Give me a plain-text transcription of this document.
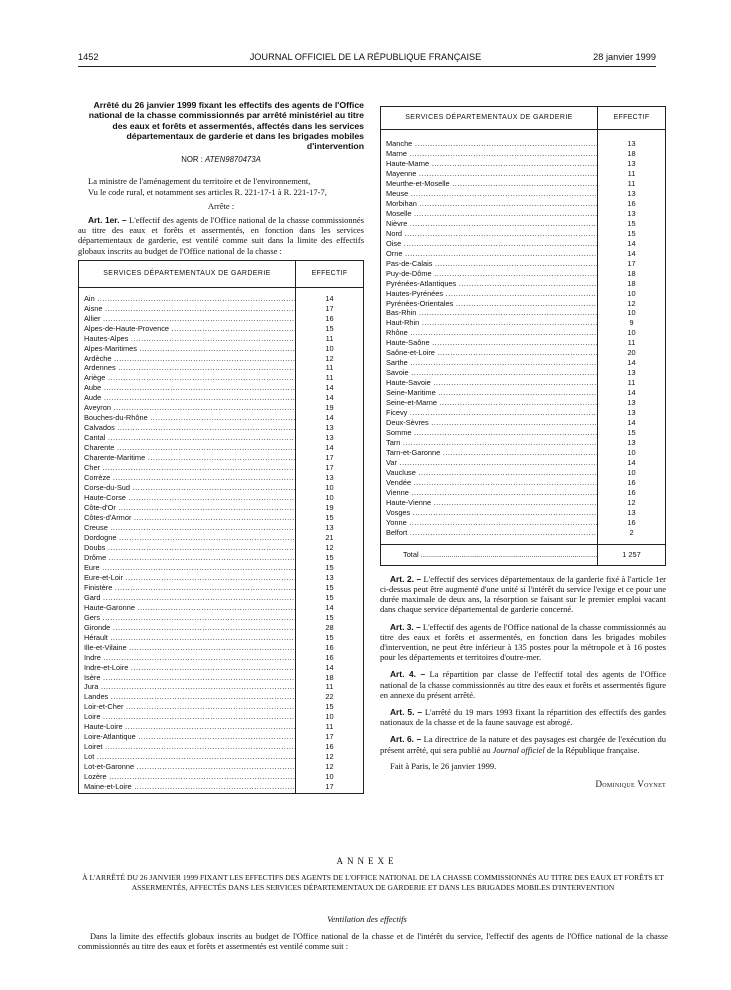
1452	JOURNAL OFFICIEL DE LA RÉPUBLIQUE FRANÇAISE	28 janvier 1999
Arrêté du 26 janvier 1999 fixant les effectifs des agents de l'Office national de la chasse commissionnés par arrêté ministériel au titre des eaux et forêts et assermentés, affectés dans les services départementaux de garderie et dans les brigades mobiles d'intervention
NOR : ATEN9870473A

La ministre de l'aménagement du territoire et de l'environnement,

Vu le code rural, et notamment ses articles R. 221-17-1 à R. 221-17-7,

Arrête :

Art. 1er. – L'effectif des agents de l'Office national de la chasse commissionnés au titre des eaux et forêts et assermentés, en fonction dans les services départementaux de garderie, est ventilé comme suit dans la limite des effectifs globaux inscrits au budget de l'Office national de la chasse :

SERVICES DÉPARTEMENTAUX DE GARDERIE	EFFECTIF
Ain .....	14
Aisne .....	17
Allier .....	16
Alpes-de-Haute-Provence .....	15
Hautes-Alpes .....	11
Alpes-Maritimes .....	10
Ardèche .....	12
Ardennes .....	11
Ariège .....	11
Aube .....	14
Aude .....	14
Aveyron .....	19
Bouches-du-Rhône .....	14
Calvados .....	13
Cantal .....	13
Charente .....	14
Charente-Maritime .....	17
Cher .....	17
Corrèze .....	13
Corse-du-Sud .....	10
Haute-Corse .....	10
Côte-d'Or .....	19
Côtes-d'Armor .....	15
Creuse .....	13
Dordogne .....	21
Doubs .....	12
Drôme .....	15
Eure .....	15
Eure-et-Loir .....	13
Finistère .....	15
Gard .....	15
Haute-Garonne .....	14
Gers .....	15
Gironde .....	28
Hérault .....	15
Ille-et-Vilaine .....	16
Indre .....	16
Indre-et-Loire .....	14
Isère .....	18
Jura .....	11
Landes .....	22
Loir-et-Cher .....	15
Loire .....	10
Haute-Loire .....	11
Loire-Atlantique .....	17
Loiret .....	16
Lot .....	12
Lot-et-Garonne .....	12
Lozère .....	10
Maine-et-Loire .....	17
SERVICES DÉPARTEMENTAUX DE GARDERIE	EFFECTIF
Manche .....	13
Marne .....	18
Haute-Marne .....	13
Mayenne .....	11
Meurthe-et-Moselle .....	11
Meuse .....	13
Morbihan .....	16
Moselle .....	13
Nièvre .....	15
Nord .....	15
Oise .....	14
Orne .....	14
Pas-de-Calais .....	17
Puy-de-Dôme .....	18
Pyrénées-Atlantiques .....	18
Hautes-Pyrénées .....	10
Pyrénées-Orientales .....	12
Bas-Rhin .....	10
Haut-Rhin .....	9
Rhône .....	10
Haute-Saône .....	11
Saône-et-Loire .....	20
Sarthe .....	14
Savoie .....	13
Haute-Savoie .....	11
Seine-Maritime .....	14
Seine-et-Marne .....	13
Ficevy .....	13
Deux-Sèvres .....	14
Somme .....	15
Tarn .....	13
Tarn-et-Garonne .....	10
Var .....	14
Vaucluse .....	10
Vendée .....	16
Vienne .....	16
Haute-Vienne .....	12
Vosges .....	13
Yonne .....	16
Belfort .....	2
Total .....	1 257

Art. 2. – L'effectif des services départementaux de la garderie fixé à l'article 1er ci-dessus peut être augmenté d'une unité si l'intérêt du service l'exige et ce pour une durée maximale de deux ans, la résorption se faisant sur le premier emploi vacant dans chaque service départemental de garderie concerné.

Art. 3. – L'effectif des agents de l'Office national de la chasse commissionnés au titre des eaux et forêts et assermentés, en fonction dans les brigades mobiles d'intervention, ne peut être inférieur à 135 postes pour la métropole et à 16 postes pour les départements et territoires d'outre-mer.

Art. 4. – La répartition par classe de l'effectif total des agents de l'Office national de la chasse commissionnés au titre des eaux et forêts et assermentés figure en annexe du présent arrêté.

Art. 5. – L'arrêté du 19 mars 1993 fixant la répartition des effectifs des gardes nationaux de la chasse et de la faune sauvage est abrogé.

Art. 6. – La directrice de la nature et des paysages est chargée de l'exécution du présent arrêté, qui sera publié au Journal officiel de la République française.

Fait à Paris, le 26 janvier 1999.

Dominique Voynet
ANNEXE
À L'ARRÊTÉ DU 26 JANVIER 1999 FIXANT LES EFFECTIFS DES AGENTS DE L'OFFICE NATIONAL DE LA CHASSE COMMISSIONNÉS AU TITRE DES EAUX ET FORÊTS ET ASSERMENTÉS, AFFECTÉS DANS LES SERVICES DÉPARTEMENTAUX DE GARDERIE ET DANS LES BRIGADES MOBILES D'INTERVENTION
Ventilation des effectifs
Dans la limite des effectifs globaux inscrits au budget de l'Office national de la chasse et de l'intérêt du service, l'effectif des agents de l'Office national de la chasse commissionnés au titre des eaux et forêts et assermentés est ventilé comme suit :
